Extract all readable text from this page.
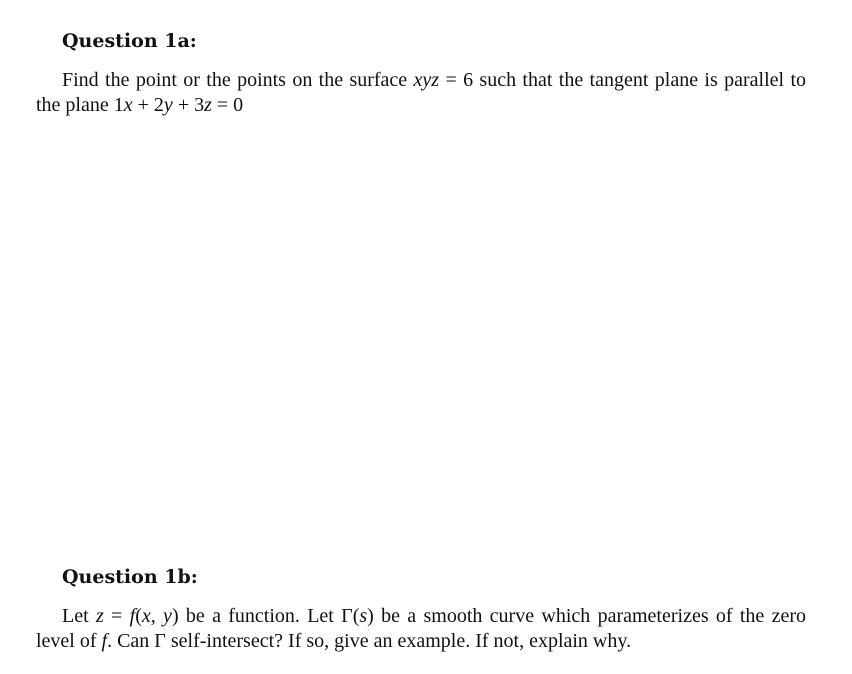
Question 1a:

Find the point or the points on the surface xyz = 6 such that the tangent plane is parallel to the plane 1x + 2y + 3z = 0

Question 1b:

Let z = f(x, y) be a function. Let Γ(s) be a smooth curve which parameterizes of the zero level of f. Can Γ self-intersect? If so, give an example. If not, explain why.
